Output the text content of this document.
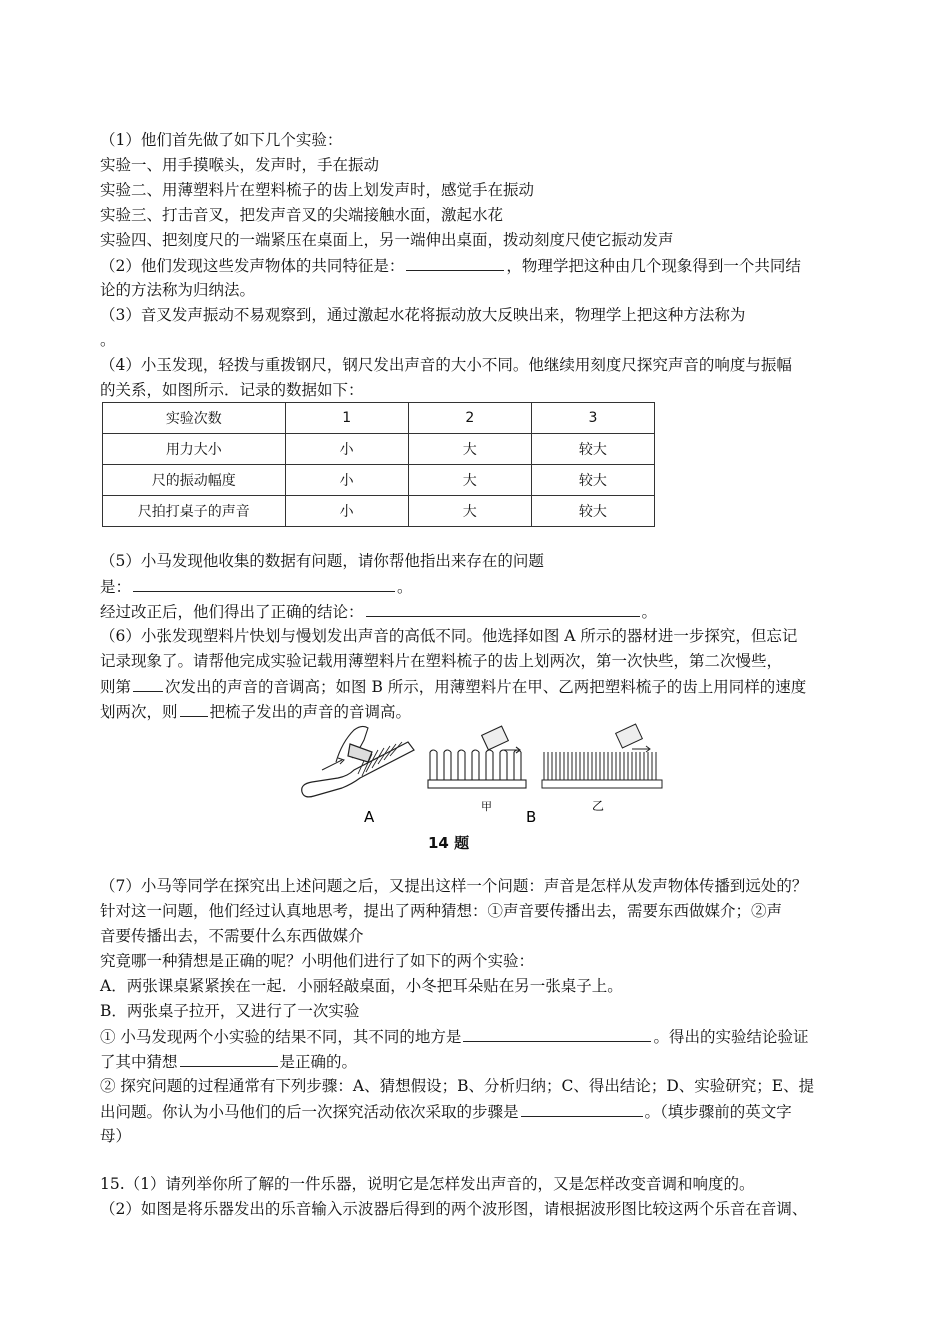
（1）他们首先做了如下几个实验：
实验一、用手摸喉头，发声时，手在振动
实验二、用薄塑料片在塑料梳子的齿上划发声时，感觉手在振动
实验三、打击音叉，把发声音叉的尖端接触水面，激起水花
实验四、把刻度尺的一端紧压在桌面上，另一端伸出桌面，拨动刻度尺使它振动发声
（2）他们发现这些发声物体的共同特征是：	，物理学把这种由几个现象得到一个共同结
论的方法称为归纳法。
（3）音叉发声振动不易观察到，通过激起水花将振动放大反映出来，物理学上把这种方法称为
。
（4）小玉发现，轻拨与重拨钢尺，钢尺发出声音的大小不同。他继续用刻度尺探究声音的响度与振幅
的关系，如图所示．记录的数据如下：
实验次数	1	2	3
用力大小	小	大	较大
尺的振动幅度	小	大	较大
尺拍打桌子的声音	小	大	较大
（5）小马发现他收集的数据有问题，请你帮他指出来存在的问题
是：	。
经过改正后，他们得出了正确的结论：	。
（6）小张发现塑料片快划与慢划发出声音的高低不同。他选择如图 A 所示的器材进一步探究，但忘记
记录现象了。请帮他完成实验记载用薄塑料片在塑料梳子的齿上划两次，第一次快些，第二次慢些，
则第 次发出的声音的音调高；如图 B 所示，用薄塑料片在甲、乙两把塑料梳子的齿上用同样的速度
划两次，则 把梳子发出的声音的音调高。
A
甲
B
乙
14 题
（7）小马等同学在探究出上述问题之后，又提出这样一个问题：声音是怎样从发声物体传播到远处的？
针对这一问题，他们经过认真地思考，提出了两种猜想：①声音要传播出去，需要东西做媒介；②声
音要传播出去，不需要什么东西做媒介
究竟哪一种猜想是正确的呢？小明他们进行了如下的两个实验：
A．两张课桌紧紧挨在一起．小丽轻敲桌面，小冬把耳朵贴在另一张桌子上。
B．两张桌子拉开，又进行了一次实验
① 小马发现两个小实验的结果不同，其不同的地方是	。得出的实验结论验证
了其中猜想	是正确的。
② 探究问题的过程通常有下列步骤：A、猜想假设；B、分析归纳；C、得出结论；D、实验研究；E、提
出问题。你认为小马他们的后一次探究活动依次采取的步骤是	。（填步骤前的英文字
母）
15.（1）请列举你所了解的一件乐器，说明它是怎样发出声音的，又是怎样改变音调和响度的。
（2）如图是将乐器发出的乐音输入示波器后得到的两个波形图，请根据波形图比较这两个乐音在音调、
